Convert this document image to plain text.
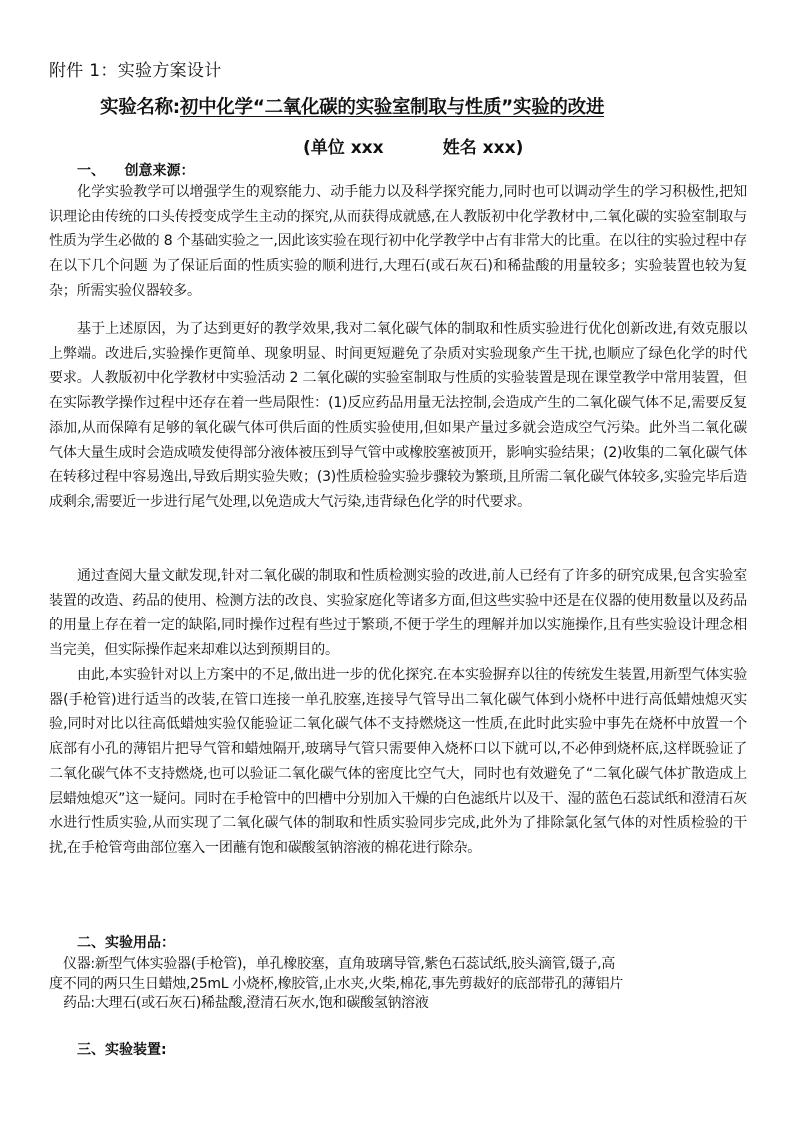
附件 1：实验方案设计
实验名称:初中化学“二氧化碳的实验室制取与性质”实验的改进
(单位 xxx          姓名 xxx)
一、    创意来源：
化学实验教学可以增强学生的观察能力、动手能力以及科学探究能力,同时也可以调动学生的学习积极性,把知识理论由传统的口头传授变成学生主动的探究,从而获得成就感,在人教版初中化学教材中,二氧化碳的实验室制取与性质为学生必做的 8 个基础实验之一,因此该实验在现行初中化学教学中占有非常大的比重。在以往的实验过程中存在以下几个问题 为了保证后面的性质实验的顺利进行,大理石(或石灰石)和稀盐酸的用量较多；实验装置也较为复杂；所需实验仪器较多。
基于上述原因，为了达到更好的教学效果,我对二氧化碳气体的制取和性质实验进行优化创新改进,有效克服以上弊端。改进后,实验操作更简单、现象明显、时间更短避免了杂质对实验现象产生干扰,也顺应了绿色化学的时代要求。人教版初中化学教材中实验活动 2 二氧化碳的实验室制取与性质的实验装置是现在课堂教学中常用装置，但在实际教学操作过程中还存在着一些局限性：(1)反应药品用量无法控制,会造成产生的二氧化碳气体不足,需要反复添加,从而保障有足够的氧化碳气体可供后面的性质实验使用,但如果产量过多就会造成空气污染。此外当二氧化碳气体大量生成时会造成喷发使得部分液体被压到导气管中或橡胶塞被顶开，影响实验结果；(2)收集的二氧化碳气体在转移过程中容易逸出,导致后期实验失败；(3)性质检验实验步骤较为繁琐,且所需二氧化碳气体较多,实验完毕后造成剩余,需要近一步进行尾气处理,以免造成大气污染,违背绿色化学的时代要求。
通过查阅大量文献发现,针对二氧化碳的制取和性质检测实验的改进,前人已经有了许多的研究成果,包含实验室装置的改造、药品的使用、检测方法的改良、实验家庭化等诸多方面,但这些实验中还是在仪器的使用数量以及药品的用量上存在着一定的缺陷,同时操作过程有些过于繁琐,不便于学生的理解并加以实施操作,且有些实验设计理念相当完美，但实际操作起来却难以达到预期目的。
由此,本实验针对以上方案中的不足,做出进一步的优化探究.在本实验摒弃以往的传统发生装置,用新型气体实验器(手枪管)进行适当的改装,在管口连接一单孔胶塞,连接导气管导出二氧化碳气体到小烧杯中进行高低蜡烛熄灭实验,同时对比以往高低蜡烛实验仅能验证二氧化碳气体不支持燃烧这一性质,在此时此实验中事先在烧杯中放置一个底部有小孔的薄铝片把导气管和蜡烛隔开,玻璃导气管只需要伸入烧杯口以下就可以,不必伸到烧杯底,这样既验证了二氧化碳气体不支持燃烧,也可以验证二氧化碳气体的密度比空气大，同时也有效避免了“二氧化碳气体扩散造成上层蜡烛熄灭”这一疑问。同时在手枪管中的凹槽中分别加入干燥的白色滤纸片以及干、湿的蓝色石蕊试纸和澄清石灰水进行性质实验,从而实现了二氧化碳气体的制取和性质实验同步完成,此外为了排除氯化氢气体的对性质检验的干扰,在手枪管弯曲部位塞入一团蘸有饱和碳酸氢钠溶液的棉花进行除杂。
二、实验用品：
仪器:新型气体实验器(手枪管)，单孔橡胶塞，直角玻璃导管,紫色石蕊试纸,胶头滴管,镊子,高
度不同的两只生日蜡烛,25mL 小烧杯,橡胶管,止水夹,火柴,棉花,事先剪裁好的底部带孔的薄铝片
药品:大理石(或石灰石)稀盐酸,澄清石灰水,饱和碳酸氢钠溶液
三、实验装置:
